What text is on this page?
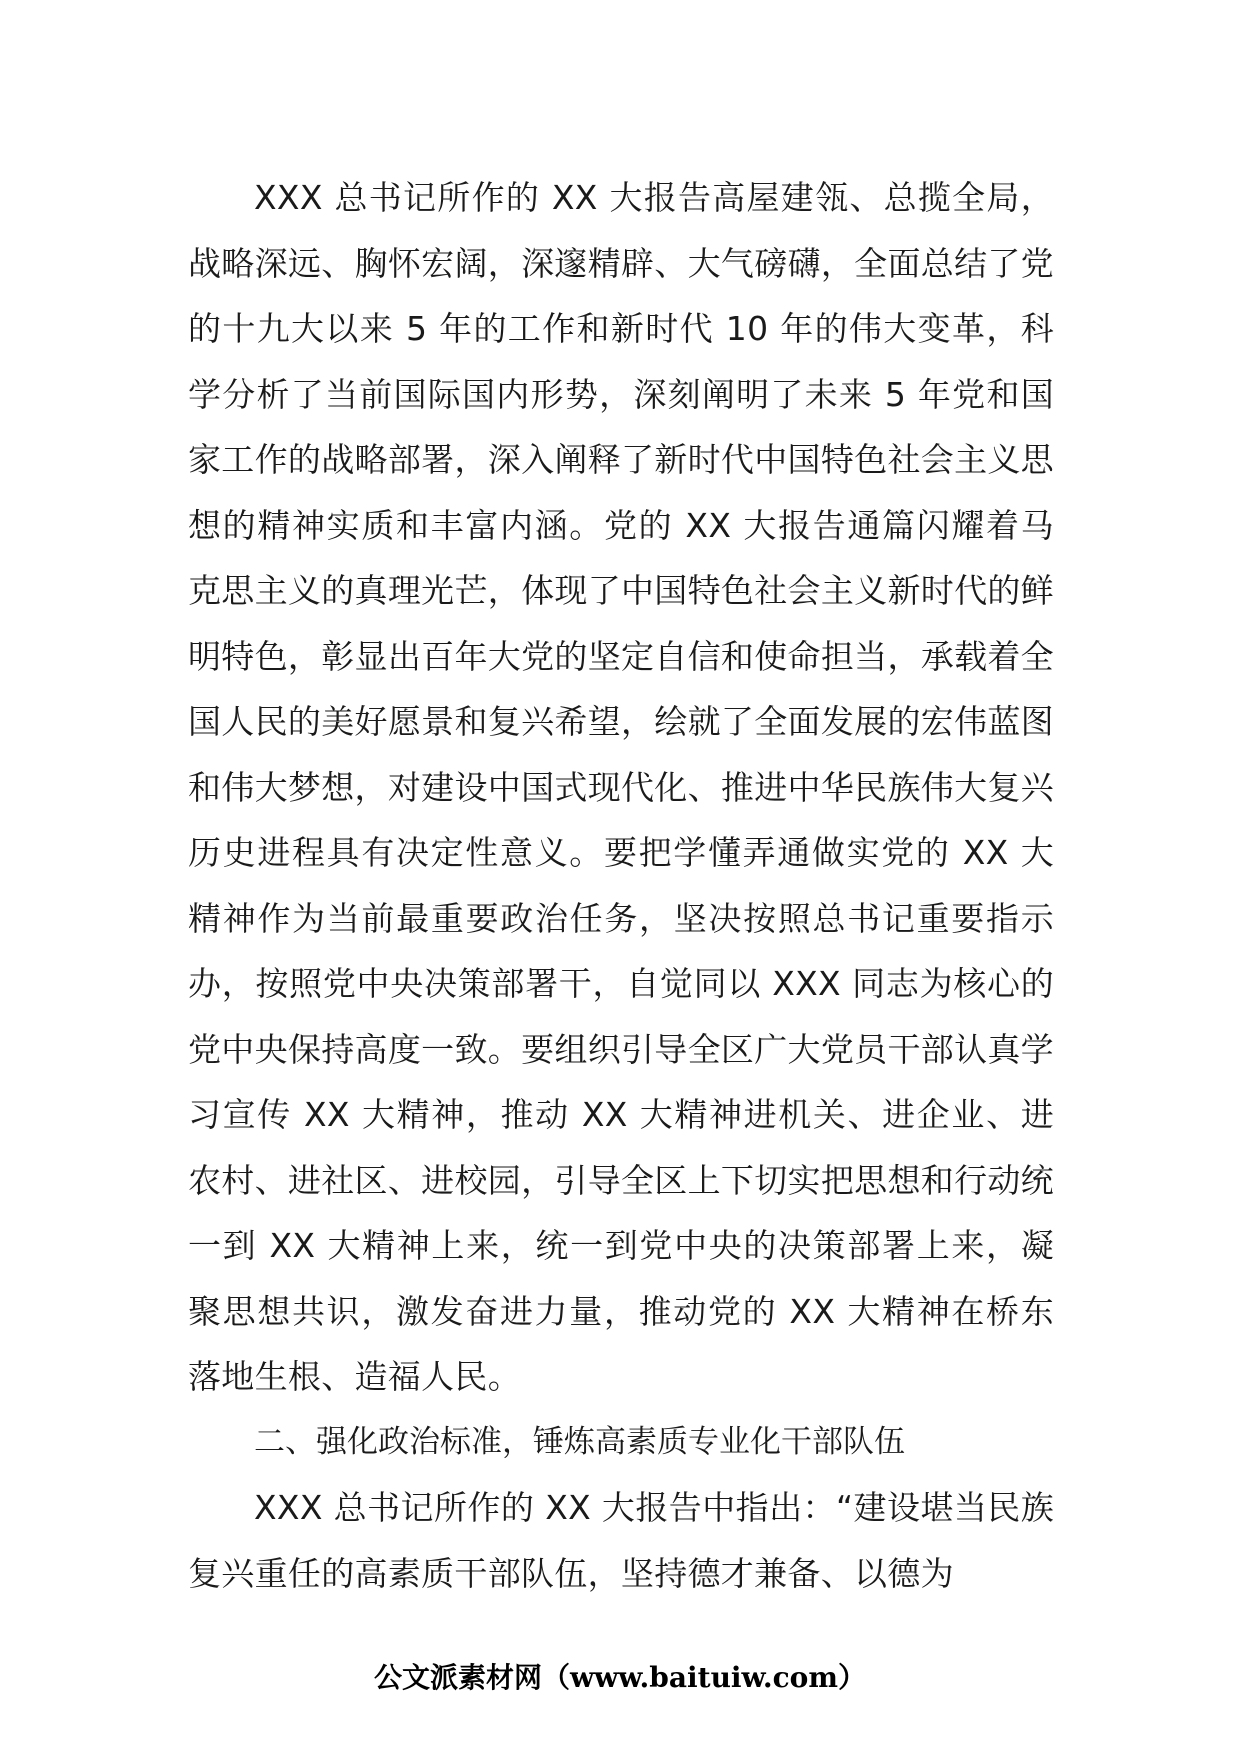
XXX 总书记所作的 XX 大报告高屋建瓴、总揽全局，战略深远、胸怀宏阔，深邃精辟、大气磅礴，全面总结了党的十九大以来 5 年的工作和新时代 10 年的伟大变革，科学分析了当前国际国内形势，深刻阐明了未来 5 年党和国家工作的战略部署，深入阐释了新时代中国特色社会主义思想的精神实质和丰富内涵。党的 XX 大报告通篇闪耀着马克思主义的真理光芒，体现了中国特色社会主义新时代的鲜明特色，彰显出百年大党的坚定自信和使命担当，承载着全国人民的美好愿景和复兴希望，绘就了全面发展的宏伟蓝图和伟大梦想，对建设中国式现代化、推进中华民族伟大复兴历史进程具有决定性意义。要把学懂弄通做实党的 XX 大精神作为当前最重要政治任务，坚决按照总书记重要指示办，按照党中央决策部署干，自觉同以 XXX 同志为核心的党中央保持高度一致。要组织引导全区广大党员干部认真学习宣传 XX 大精神，推动 XX 大精神进机关、进企业、进农村、进社区、进校园，引导全区上下切实把思想和行动统一到 XX 大精神上来，统一到党中央的决策部署上来，凝聚思想共识，激发奋进力量，推动党的 XX 大精神在桥东落地生根、造福人民。

二、强化政治标准，锤炼高素质专业化干部队伍

XXX 总书记所作的 XX 大报告中指出：“建设堪当民族复兴重任的高素质干部队伍，坚持德才兼备、以德为

公文派素材网（www.baituiw.com）
